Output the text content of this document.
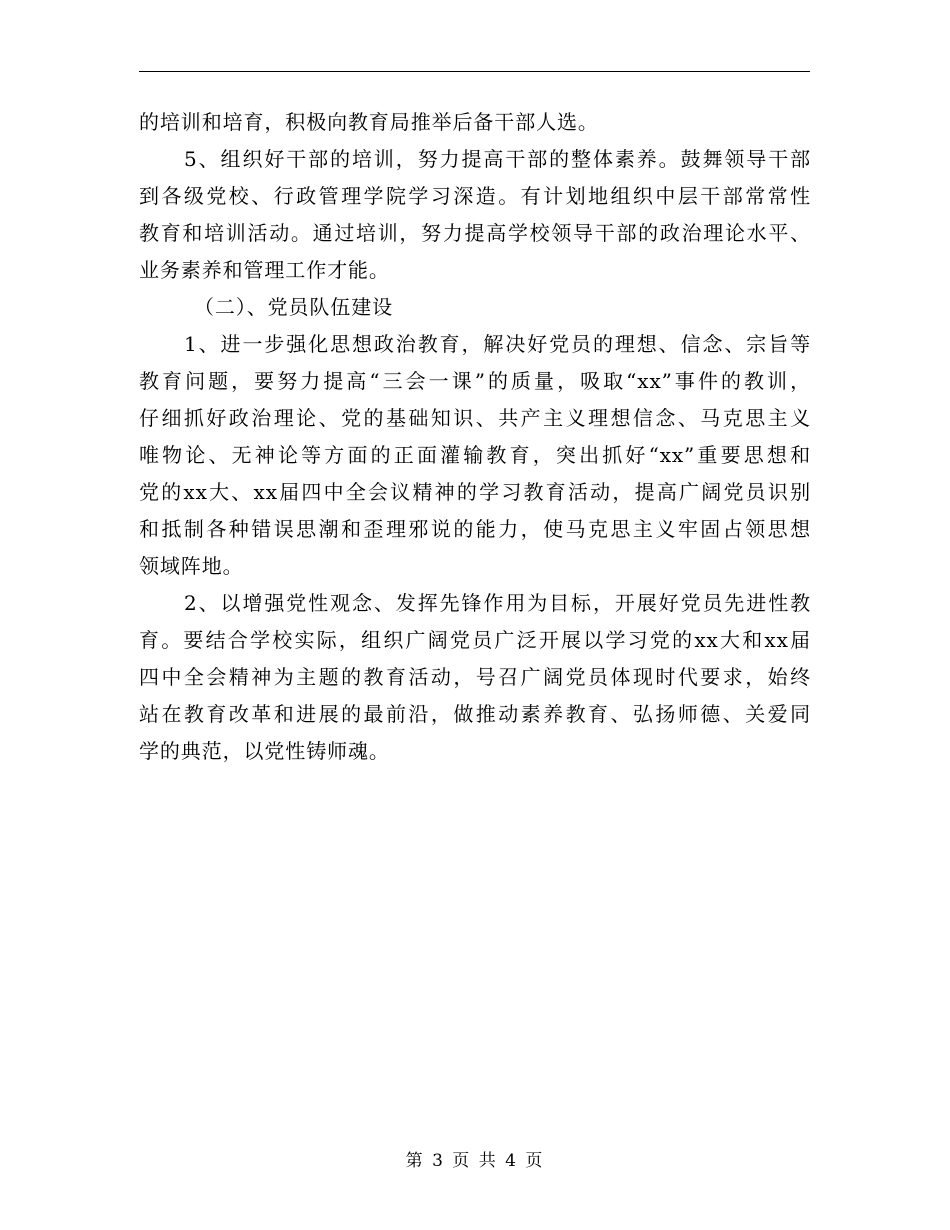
的培训和培育，积极向教育局推举后备干部人选。
5、组织好干部的培训，努力提高干部的整体素养。鼓舞领导干部
到各级党校、行政管理学院学习深造。有计划地组织中层干部常常性
教育和培训活动。通过培训，努力提高学校领导干部的政治理论水平、
业务素养和管理工作才能。
（二）、党员队伍建设
1、进一步强化思想政治教育，解决好党员的理想、信念、宗旨等
教育问题，要努力提高“三会一课”的质量，吸取“xx”事件的教训，
仔细抓好政治理论、党的基础知识、共产主义理想信念、马克思主义
唯物论、无神论等方面的正面灌输教育，突出抓好“xx”重要思想和
党的xx大、xx届四中全会议精神的学习教育活动，提高广阔党员识别
和抵制各种错误思潮和歪理邪说的能力，使马克思主义牢固占领思想
领域阵地。
2、以增强党性观念、发挥先锋作用为目标，开展好党员先进性教
育。要结合学校实际，组织广阔党员广泛开展以学习党的xx大和xx届
四中全会精神为主题的教育活动，号召广阔党员体现时代要求，始终
站在教育改革和进展的最前沿，做推动素养教育、弘扬师德、关爱同
学的典范，以党性铸师魂。
第 3 页 共 4 页
